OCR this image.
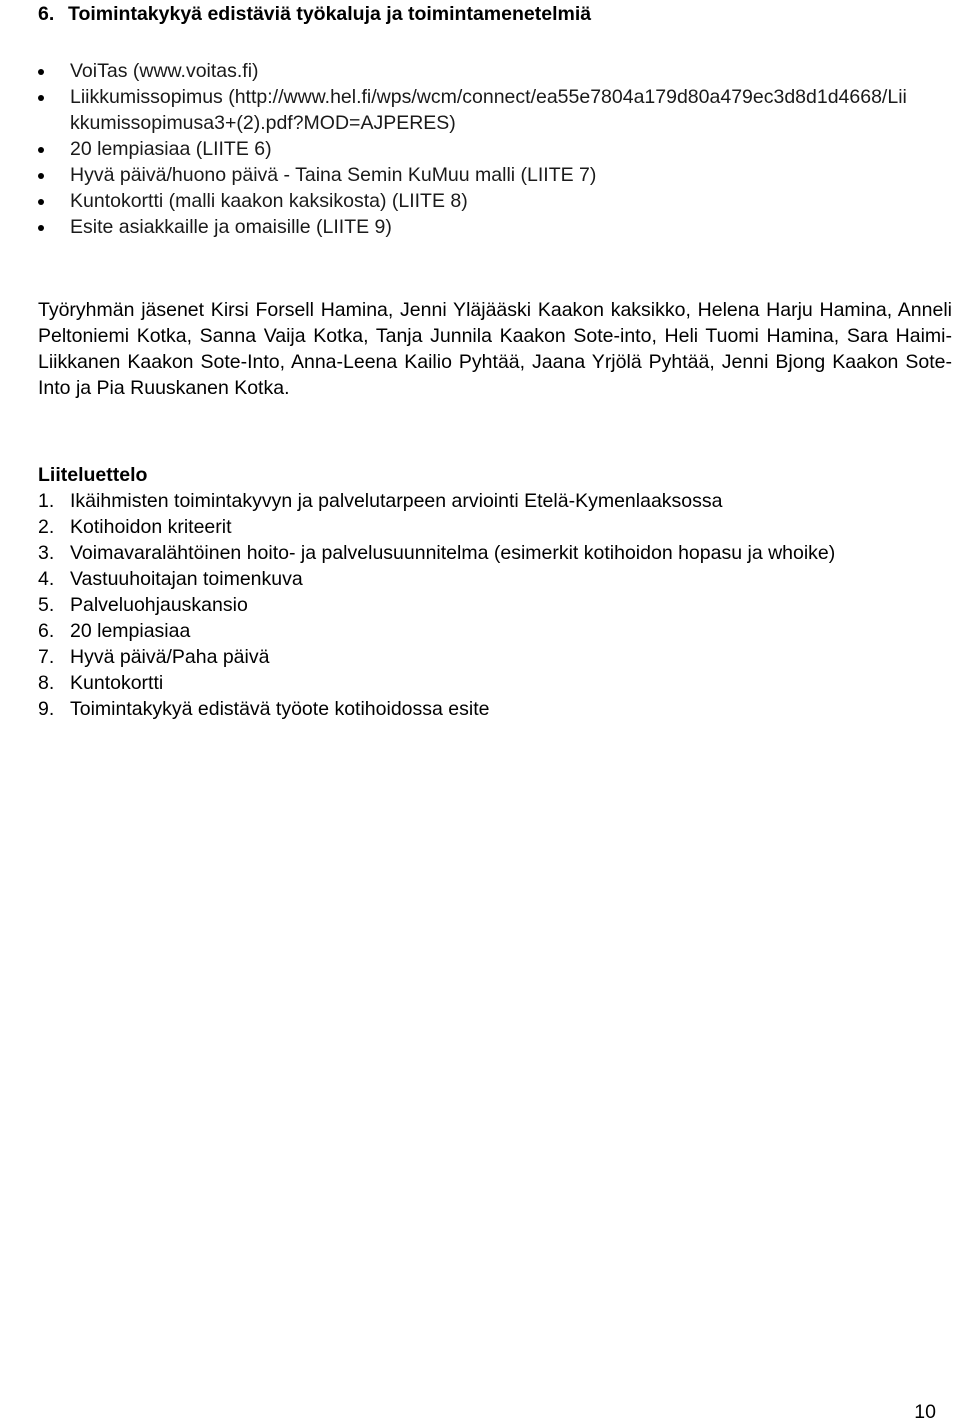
6. Toimintakykyä edistäviä työkaluja ja toimintamenetelmiä
VoiTas (www.voitas.fi)
Liikkumissopimus (http://www.hel.fi/wps/wcm/connect/ea55e7804a179d80a479ec3d8d1d4668/Liikkumissopimusa3+(2).pdf?MOD=AJPERES)
20 lempiasiaa (LIITE 6)
Hyvä päivä/huono päivä - Taina Semin KuMuu malli (LIITE 7)
Kuntokortti (malli kaakon kaksikosta) (LIITE 8)
Esite asiakkaille ja omaisille (LIITE 9)

Työryhmän jäsenet Kirsi Forsell Hamina, Jenni Yläjääski Kaakon kaksikko, Helena Harju Hamina, Anneli Peltoniemi Kotka, Sanna Vaija Kotka, Tanja Junnila Kaakon Sote-into, Heli Tuomi Hamina, Sara Haimi-Liikkanen Kaakon Sote-Into, Anna-Leena Kailio Pyhtää, Jaana Yrjölä Pyhtää, Jenni Bjong Kaakon Sote-Into ja Pia Ruuskanen Kotka.

Liiteluettelo
1. Ikäihmisten toimintakyvyn ja palvelutarpeen arviointi Etelä-Kymenlaaksossa
2. Kotihoidon kriteerit
3. Voimavaralähtöinen hoito- ja palvelusuunnitelma (esimerkit kotihoidon hopasu ja whoike)
4. Vastuuhoitajan toimenkuva
5. Palveluohjauskansio
6. 20 lempiasiaa
7. Hyvä päivä/Paha päivä
8. Kuntokortti
9. Toimintakykyä edistävä työote kotihoidossa esite
10
